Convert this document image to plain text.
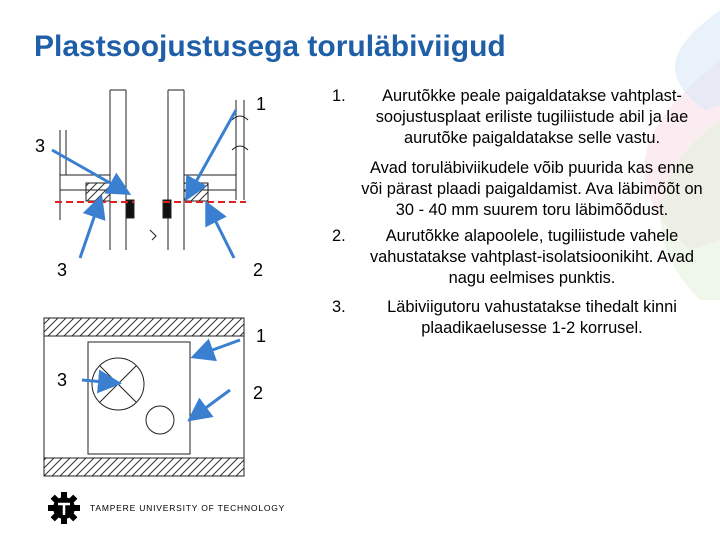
Plastsoojustusega toruläbiviigud
1
3
3	2
1
3
2
TAMPERE UNIVERSITY OF TECHNOLOGY
1.	Aurutõkke peale paigaldatakse vahtplast-soojustusplaat eriliste tugiliistude abil ja lae aurutõke paigaldatakse selle vastu.
Avad toruläbiviikudele võib puurida kas enne või pärast plaadi paigaldamist. Ava läbimõõt on 30 - 40 mm suurem toru läbimõõdust.
2.	Aurutõkke alapoolele, tugiliistude vahele vahustatakse vahtplast-isolatsioonikiht. Avad nagu eelmises punktis.
3.	Läbiviigutoru vahustatakse tihedalt kinni plaadikaelusesse 1-2 korrusel.
